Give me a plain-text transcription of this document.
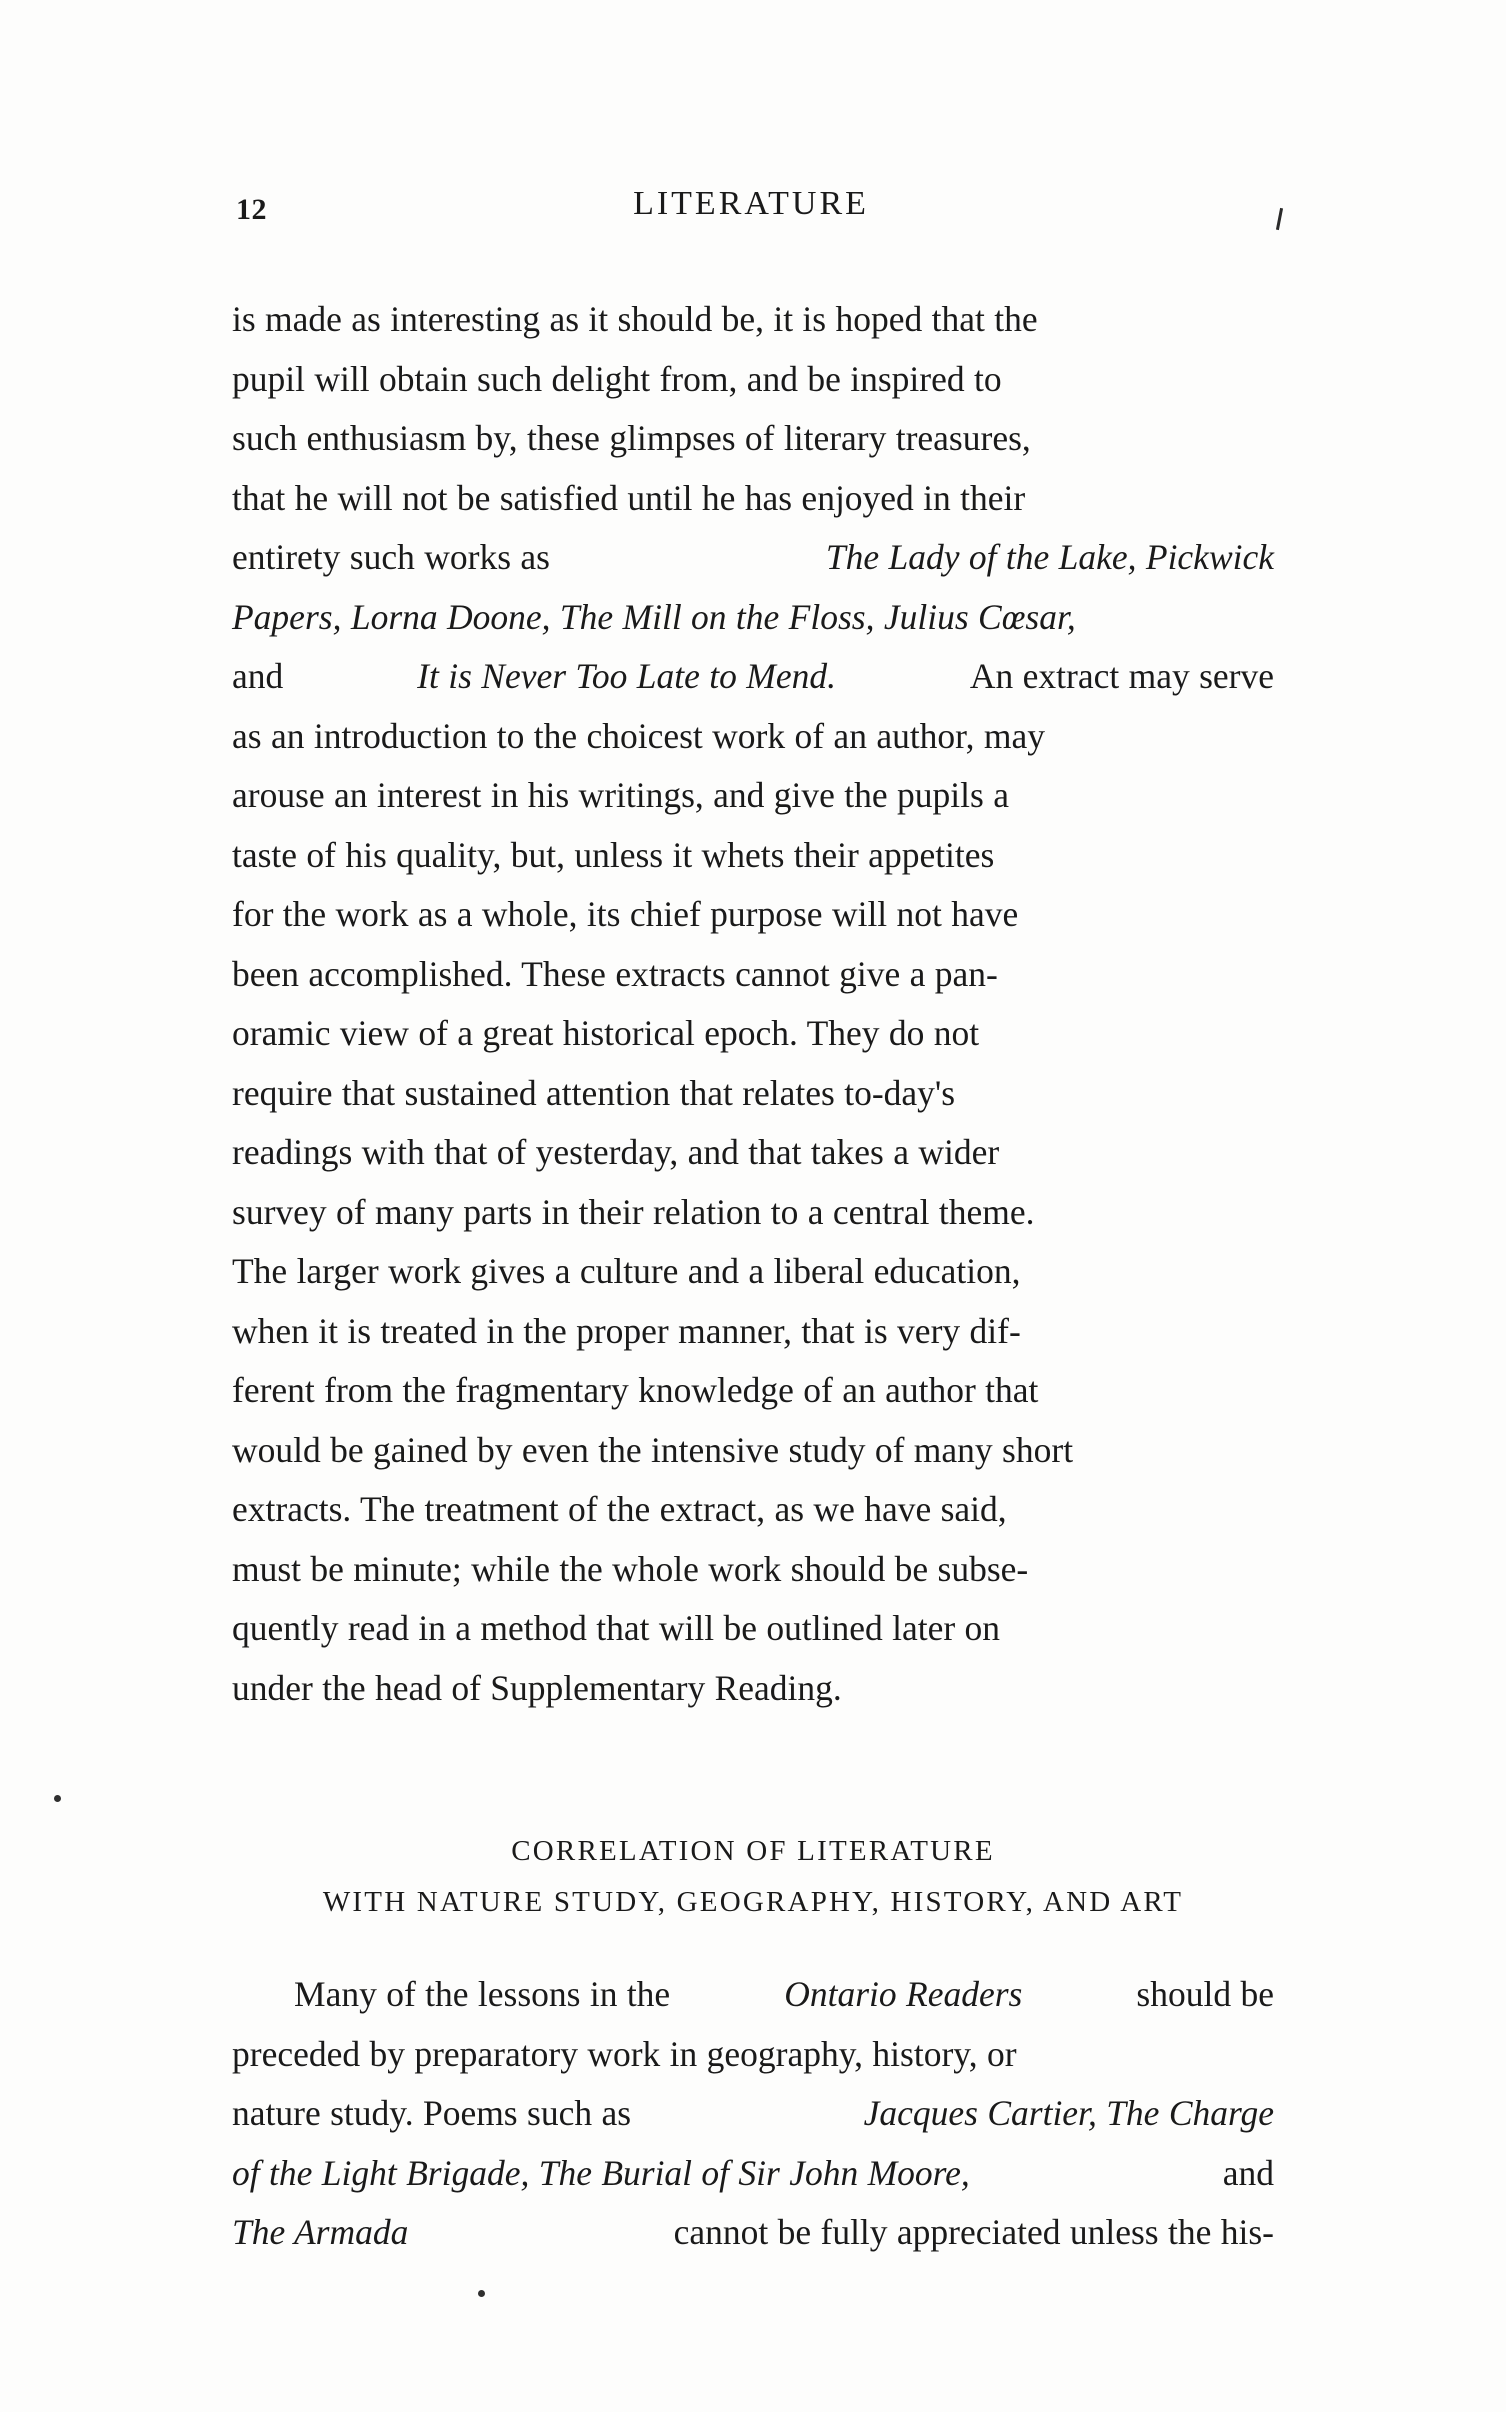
12	LITERATURE

is made as interesting as it should be, it is hoped that the
pupil will obtain such delight from, and be inspired to
such enthusiasm by, these glimpses of literary treasures,
that he will not be satisfied until he has enjoyed in their
entirety such works as	The Lady of the Lake, Pickwick
Papers, Lorna Doone, The Mill on the Floss, Julius Cœsar,
and	It is Never Too Late to Mend.	An extract may serve
as an introduction to the choicest work of an author, may
arouse an interest in his writings, and give the pupils a
taste of his quality, but, unless it whets their appetites
for the work as a whole, its chief purpose will not have
been accomplished. These extracts cannot give a pan-
oramic view of a great historical epoch. They do not
require that sustained attention that relates to-day's
readings with that of yesterday, and that takes a wider
survey of many parts in their relation to a central theme.
The larger work gives a culture and a liberal education,
when it is treated in the proper manner, that is very dif-
ferent from the fragmentary knowledge of an author that
would be gained by even the intensive study of many short
extracts. The treatment of the extract, as we have said,
must be minute; while the whole work should be subse-
quently read in a method that will be outlined later on
under the head of Supplementary Reading.

CORRELATION OF LITERATURE
WITH NATURE STUDY, GEOGRAPHY, HISTORY, AND ART

Many of the lessons in the	Ontario Readers	should be
preceded by preparatory work in geography, history, or
nature study. Poems such as	Jacques Cartier, The Charge
of the Light Brigade, The Burial of Sir John Moore,	and
The Armada	cannot be fully appreciated unless the his-
